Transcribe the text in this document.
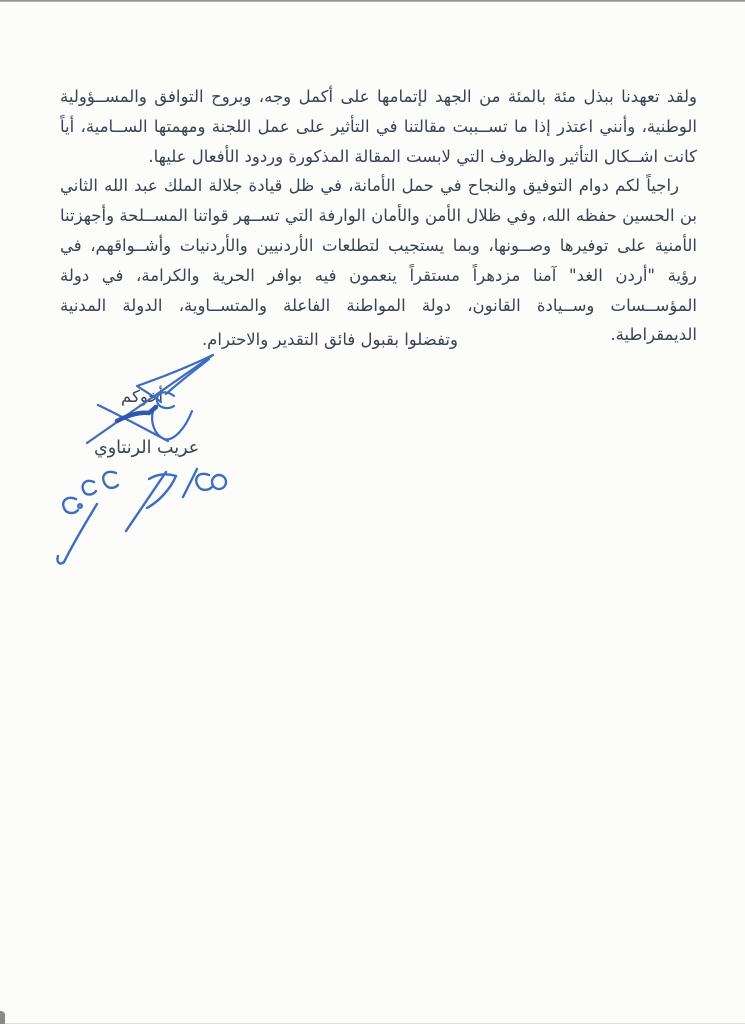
ولقد تعهدنا ببذل مئة بالمئة من الجهد لإتمامها على أكمل وجه، وبروح التوافق والمســؤولية الوطنية، وأنني اعتذر إذا ما تســببت مقالتنا في التأثير على عمل اللجنة ومهمتها الســامية، أياً كانت اشــكال التأثير والظروف التي لابست المقالة المذكورة وردود الأفعال عليها.

راجياً لكم دوام التوفيق والنجاح في حمل الأمانة، في ظل قيادة جلالة الملك عبد الله الثاني بن الحسين حفظه الله، وفي ظلال الأمن والأمان الوارفة التي تســهر قواتنا المســلحة وأجهزتنا الأمنية على توفيرها وصــونها، وبما يستجيب لتطلعات الأردنيين والأردنيات وأشــواقهم، في رؤية "أردن الغد" آمنا مزدهراً مستقراً ينعمون فيه بوافر الحرية والكرامة، في دولة المؤســسات وســيادة القانون، دولة المواطنة الفاعلة والمتســاوية، الدولة المدنية الديمقراطية.

وتفضلوا بقبول فائق التقدير والاحترام.
أخوكم
عريب الرنتاوي
